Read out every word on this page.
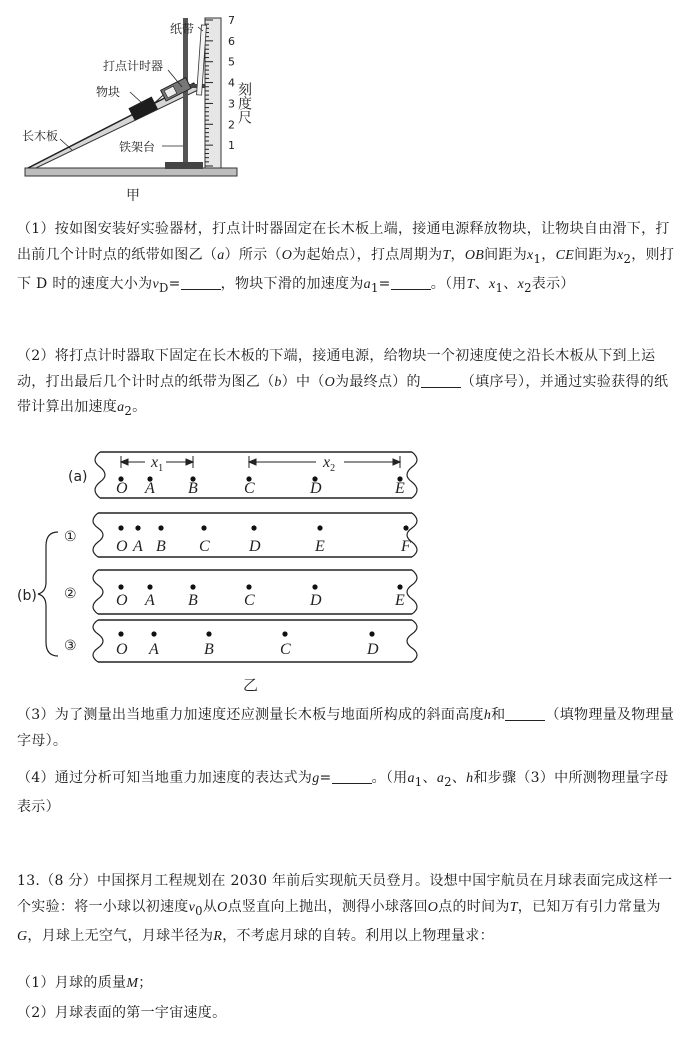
1
2
3
4
5
6
7
纸带
打点计时器
物块
长木板
铁架台
刻度尺
甲
（1）按如图安装好实验器材，打点计时器固定在长木板上端，接通电源释放物块，让物块自由滑下，打出前几个计时点的纸带如图乙（a）所示（O为起始点），打点周期为T，OB间距为$x_1$，CE间距为$x_2$，则打下 D 时的速度大小为$v_D=$	，物块下滑的加速度为$a_1=$	。（用T、$x_1$、$x_2$表示）
（2）将打点计时器取下固定在长木板的下端，接通电源，给物块一个初速度使之沿长木板从下到上运动，打出最后几个计时点的纸带为图乙（b）中（O为最终点）的	（填序号），并通过实验获得的纸带计算出加速度$a_2$。
(a)
O A B	C	D	E
$x_1$	$x_2$
(b)
①
O A B C D	E	F
② O A B	C	D	E
③ O A	B	C	D
乙
（3）为了测量出当地重力加速度还应测量长木板与地面所构成的斜面高度h和	（填物理量及物理量字母）。
（4）通过分析可知当地重力加速度的表达式为g=	。（用$a_1$、$a_2$、h和步骤（3）中所测物理量字母表示）
13.（8 分）中国探月工程规划在 2030 年前后实现航天员登月。设想中国宇航员在月球表面完成这样一个实验：将一小球以初速度$v_0$从O点竖直向上抛出，测得小球落回O点的时间为T，已知万有引力常量为G，月球上无空气，月球半径为R，不考虑月球的自转。利用以上物理量求：
（1）月球的质量M；
（2）月球表面的第一宇宙速度。
